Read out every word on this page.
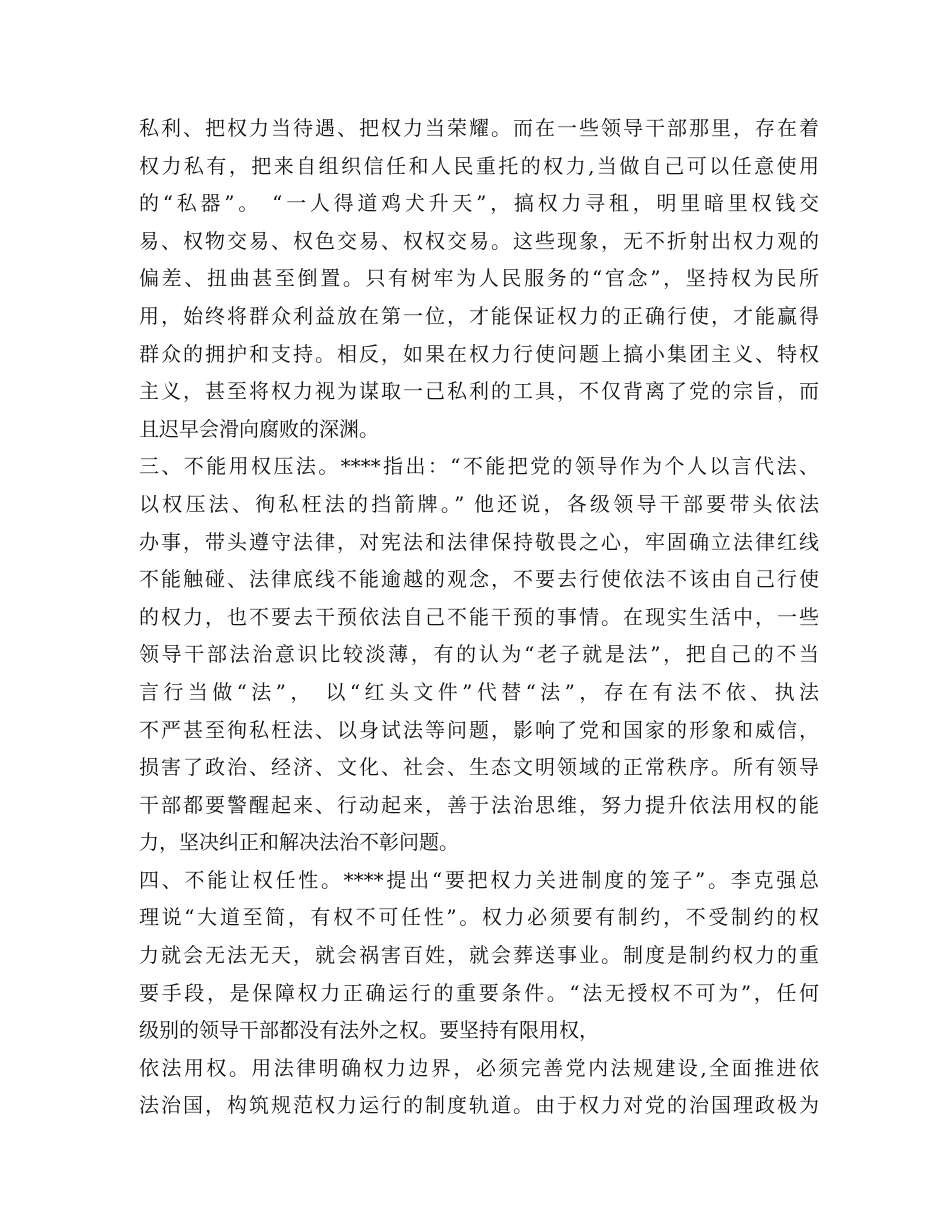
私利、把权力当待遇、把权力当荣耀。而在一些领导干部那里，存在着
权力私有，把来自组织信任和人民重托的权力,当做自己可以任意使用
的“私器”。 “一人得道鸡犬升天”，搞权力寻租，明里暗里权钱交
易、权物交易、权色交易、权权交易。这些现象，无不折射出权力观的
偏差、扭曲甚至倒置。只有树牢为人民服务的“官念”，坚持权为民所
用，始终将群众利益放在第一位，才能保证权力的正确行使，才能赢得
群众的拥护和支持。相反，如果在权力行使问题上搞小集团主义、特权
主义，甚至将权力视为谋取一己私利的工具，不仅背离了党的宗旨，而
且迟早会滑向腐败的深渊。
三、不能用权压法。****指出：“不能把党的领导作为个人以言代法、
以权压法、徇私枉法的挡箭牌。” 他还说，各级领导干部要带头依法
办事，带头遵守法律，对宪法和法律保持敬畏之心，牢固确立法律红线
不能触碰、法律底线不能逾越的观念，不要去行使依法不该由自己行使
的权力，也不要去干预依法自己不能干预的事情。在现实生活中，一些
领导干部法治意识比较淡薄，有的认为“老子就是法”，把自己的不当
言行当做“法”， 以“红头文件”代替“法”，存在有法不依、执法
不严甚至徇私枉法、以身试法等问题，影响了党和国家的形象和威信，
损害了政治、经济、文化、社会、生态文明领域的正常秩序。所有领导
干部都要警醒起来、行动起来，善于法治思维，努力提升依法用权的能
力，坚决纠正和解决法治不彰问题。
四、不能让权任性。****提出“要把权力关进制度的笼子”。李克强总
理说“大道至简，有权不可任性”。权力必须要有制约，不受制约的权
力就会无法无天，就会祸害百姓，就会葬送事业。制度是制约权力的重
要手段，是保障权力正确运行的重要条件。“法无授权不可为”，任何
级别的领导干部都没有法外之权。要坚持有限用权，
依法用权。用法律明确权力边界，必须完善党内法规建设,全面推进依
法治国，构筑规范权力运行的制度轨道。由于权力对党的治国理政极为
